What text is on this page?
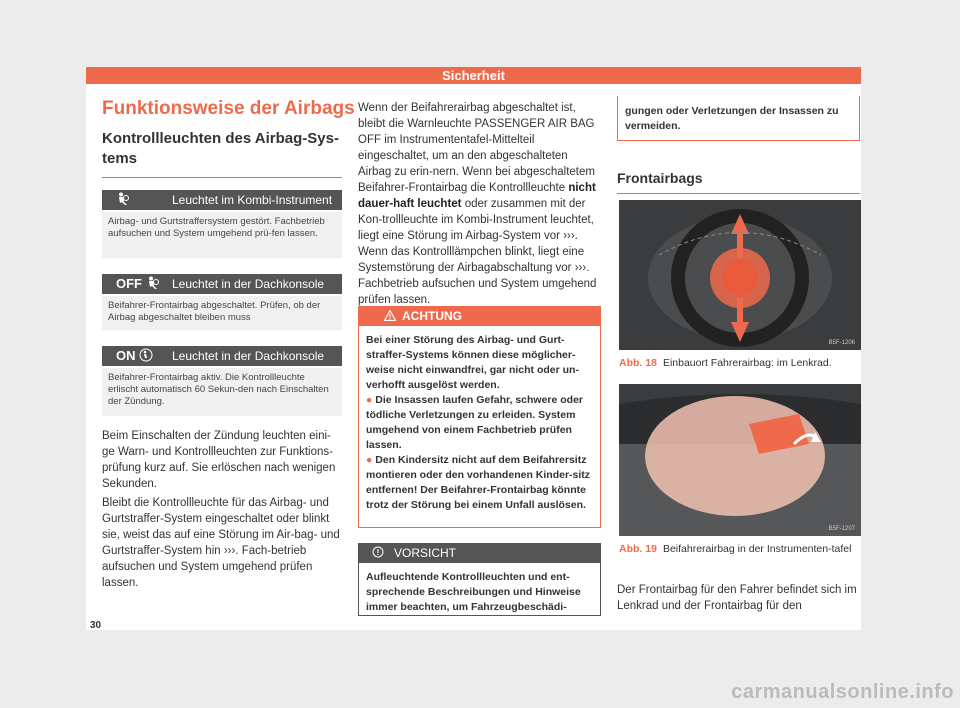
Sicherheit
Funktionsweise der Airbags
Kontrollleuchten des Airbag-Sys-tems
Leuchtet im Kombi-Instrument
Airbag- und Gurtstraffersystem gestört. Fachbetrieb aufsuchen und System umgehend prü-fen lassen.
OFF	Leuchtet in der Dachkonsole
Beifahrer-Frontairbag abgeschaltet. Prüfen, ob der Airbag abgeschaltet bleiben muss
ON	Leuchtet in der Dachkonsole
Beifahrer-Frontairbag aktiv. Die Kontrollleuchte erlischt automatisch 60 Sekun-den nach Einschalten der Zündung.
Beim Einschalten der Zündung leuchten eini-ge Warn- und Kontrollleuchten zur Funktions-prüfung kurz auf. Sie erlöschen nach wenigen Sekunden.
Bleibt die Kontrollleuchte für das Airbag- und Gurtstraffer-System eingeschaltet oder blinkt sie, weist das auf eine Störung im Air-bag- und Gurtstraffer-System hin ›››. Fach-betrieb aufsuchen und System umgehend prüfen lassen.
Wenn der Beifahrerairbag abgeschaltet ist, bleibt die Warnleuchte PASSENGER AIR BAG OFF im Instrumententafel-Mittelteil eingeschaltet, um an den abgeschalteten Airbag zu erin-nern. Wenn bei abgeschaltetem Beifahrer-Frontairbag die Kontrollleuchte nicht dauer-haft leuchtet oder zusammen mit der Kon-trollleuchte im Kombi-Instrument leuchtet, liegt eine Störung im Airbag-System vor ›››. Wenn das Kontrolllämpchen blinkt, liegt eine Systemstörung der Airbagabschaltung vor ›››. Fachbetrieb aufsuchen und System umgehend prüfen lassen.
ACHTUNG
Bei einer Störung des Airbag- und Gurt-straffer-Systems können diese möglicher-weise nicht einwandfrei, gar nicht oder un-verhofft ausgelöst werden.
● Die Insassen laufen Gefahr, schwere oder tödliche Verletzungen zu erleiden. System umgehend von einem Fachbetrieb prüfen lassen.
● Den Kindersitz nicht auf dem Beifahrersitz montieren oder den vorhandenen Kinder-sitz entfernen! Der Beifahrer-Frontairbag könnte trotz der Störung bei einem Unfall auslösen.
VORSICHT
Aufleuchtende Kontrollleuchten und ent-sprechende Beschreibungen und Hinweise immer beachten, um Fahrzeugbeschädi-
gungen oder Verletzungen der Insassen zu vermeiden.
Frontairbags
B5F-1206
Abb. 18 Einbauort Fahrerairbag: im Lenkrad.
B5F-1207
Abb. 19 Beifahrerairbag in der Instrumenten-tafel
Der Frontairbag für den Fahrer befindet sich im Lenkrad und der Frontairbag für den
30
carmanualsonline.info
